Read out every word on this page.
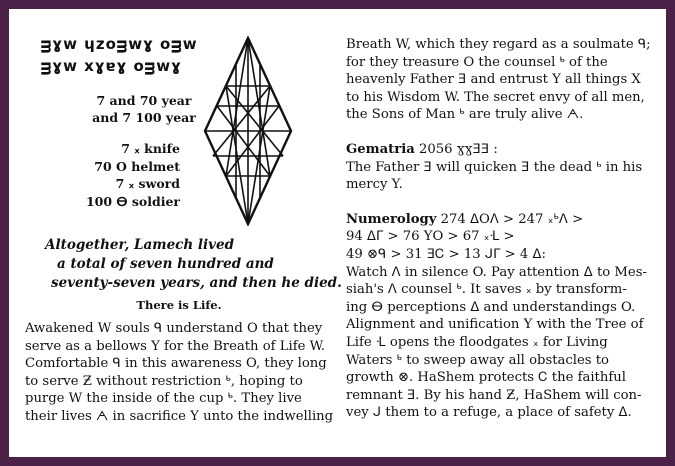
ᴟɣw ɥᴢoᴟwɣ oᴟw
ᴟɣw xɣɐɣ oᴟwɣ
7 and 70 year
and 7 100 year
7 ᙮ knife
70 O helmet
7 ᙮ sword
100 ⴱ soldier
Altogether, Lamech lived
a total of seven hundred and
seventy-seven years, and then he died.
There is Life.
Awakened W souls ᑫ understand O that they
serve as a bellows Y for the Breath of Life W.
Comfortable ᑫ in this awareness O, they long
to serve Ƶ without restriction ᒃ, hoping to
purge W the inside of the cup ᒃ. They live
their lives ᗅ in sacrifice Y unto the indwelling
Breath W, which they regard as a soulmate ᑫ;
for they treasure O the counsel ᒃ of the
heavenly Father ⴺ and entrust Y all things X
to his Wisdom W. The secret envy of all men,
the Sons of Man ᒃ are truly alive ᗅ.
Gematria 2056 ɣɣⴺⴺ :
The Father ⴺ will quicken ⴺ the dead ᒃ in his
mercy Y.
Numerology 274 ᐃOᐱ > 247 ᙮ᒃᐱ >
94 ᐃᒥ > 76 YO > 67 ᙮ᒶ >
49 ⊗ᑫ > 31 ⴺᏟ > 13 ᒍᒥ > 4 ᐃ:
Watch ᐱ in silence O. Pay attention ᐃ to Mes-
siah's ᐱ counsel ᒃ. It saves ᙮ by transform-
ing ⴱ perceptions ᐃ and understandings O.
Alignment and unification Y with the Tree of
Life ᒶ opens the floodgates ᙮ for Living
Waters ᒃ to sweep away all obstacles to
growth ⊗. HaShem protects Ꮯ the faithful
remnant ⴺ. By his hand Ƶ, HaShem will con-
vey ᒍ them to a refuge, a place of safety ᐃ.
